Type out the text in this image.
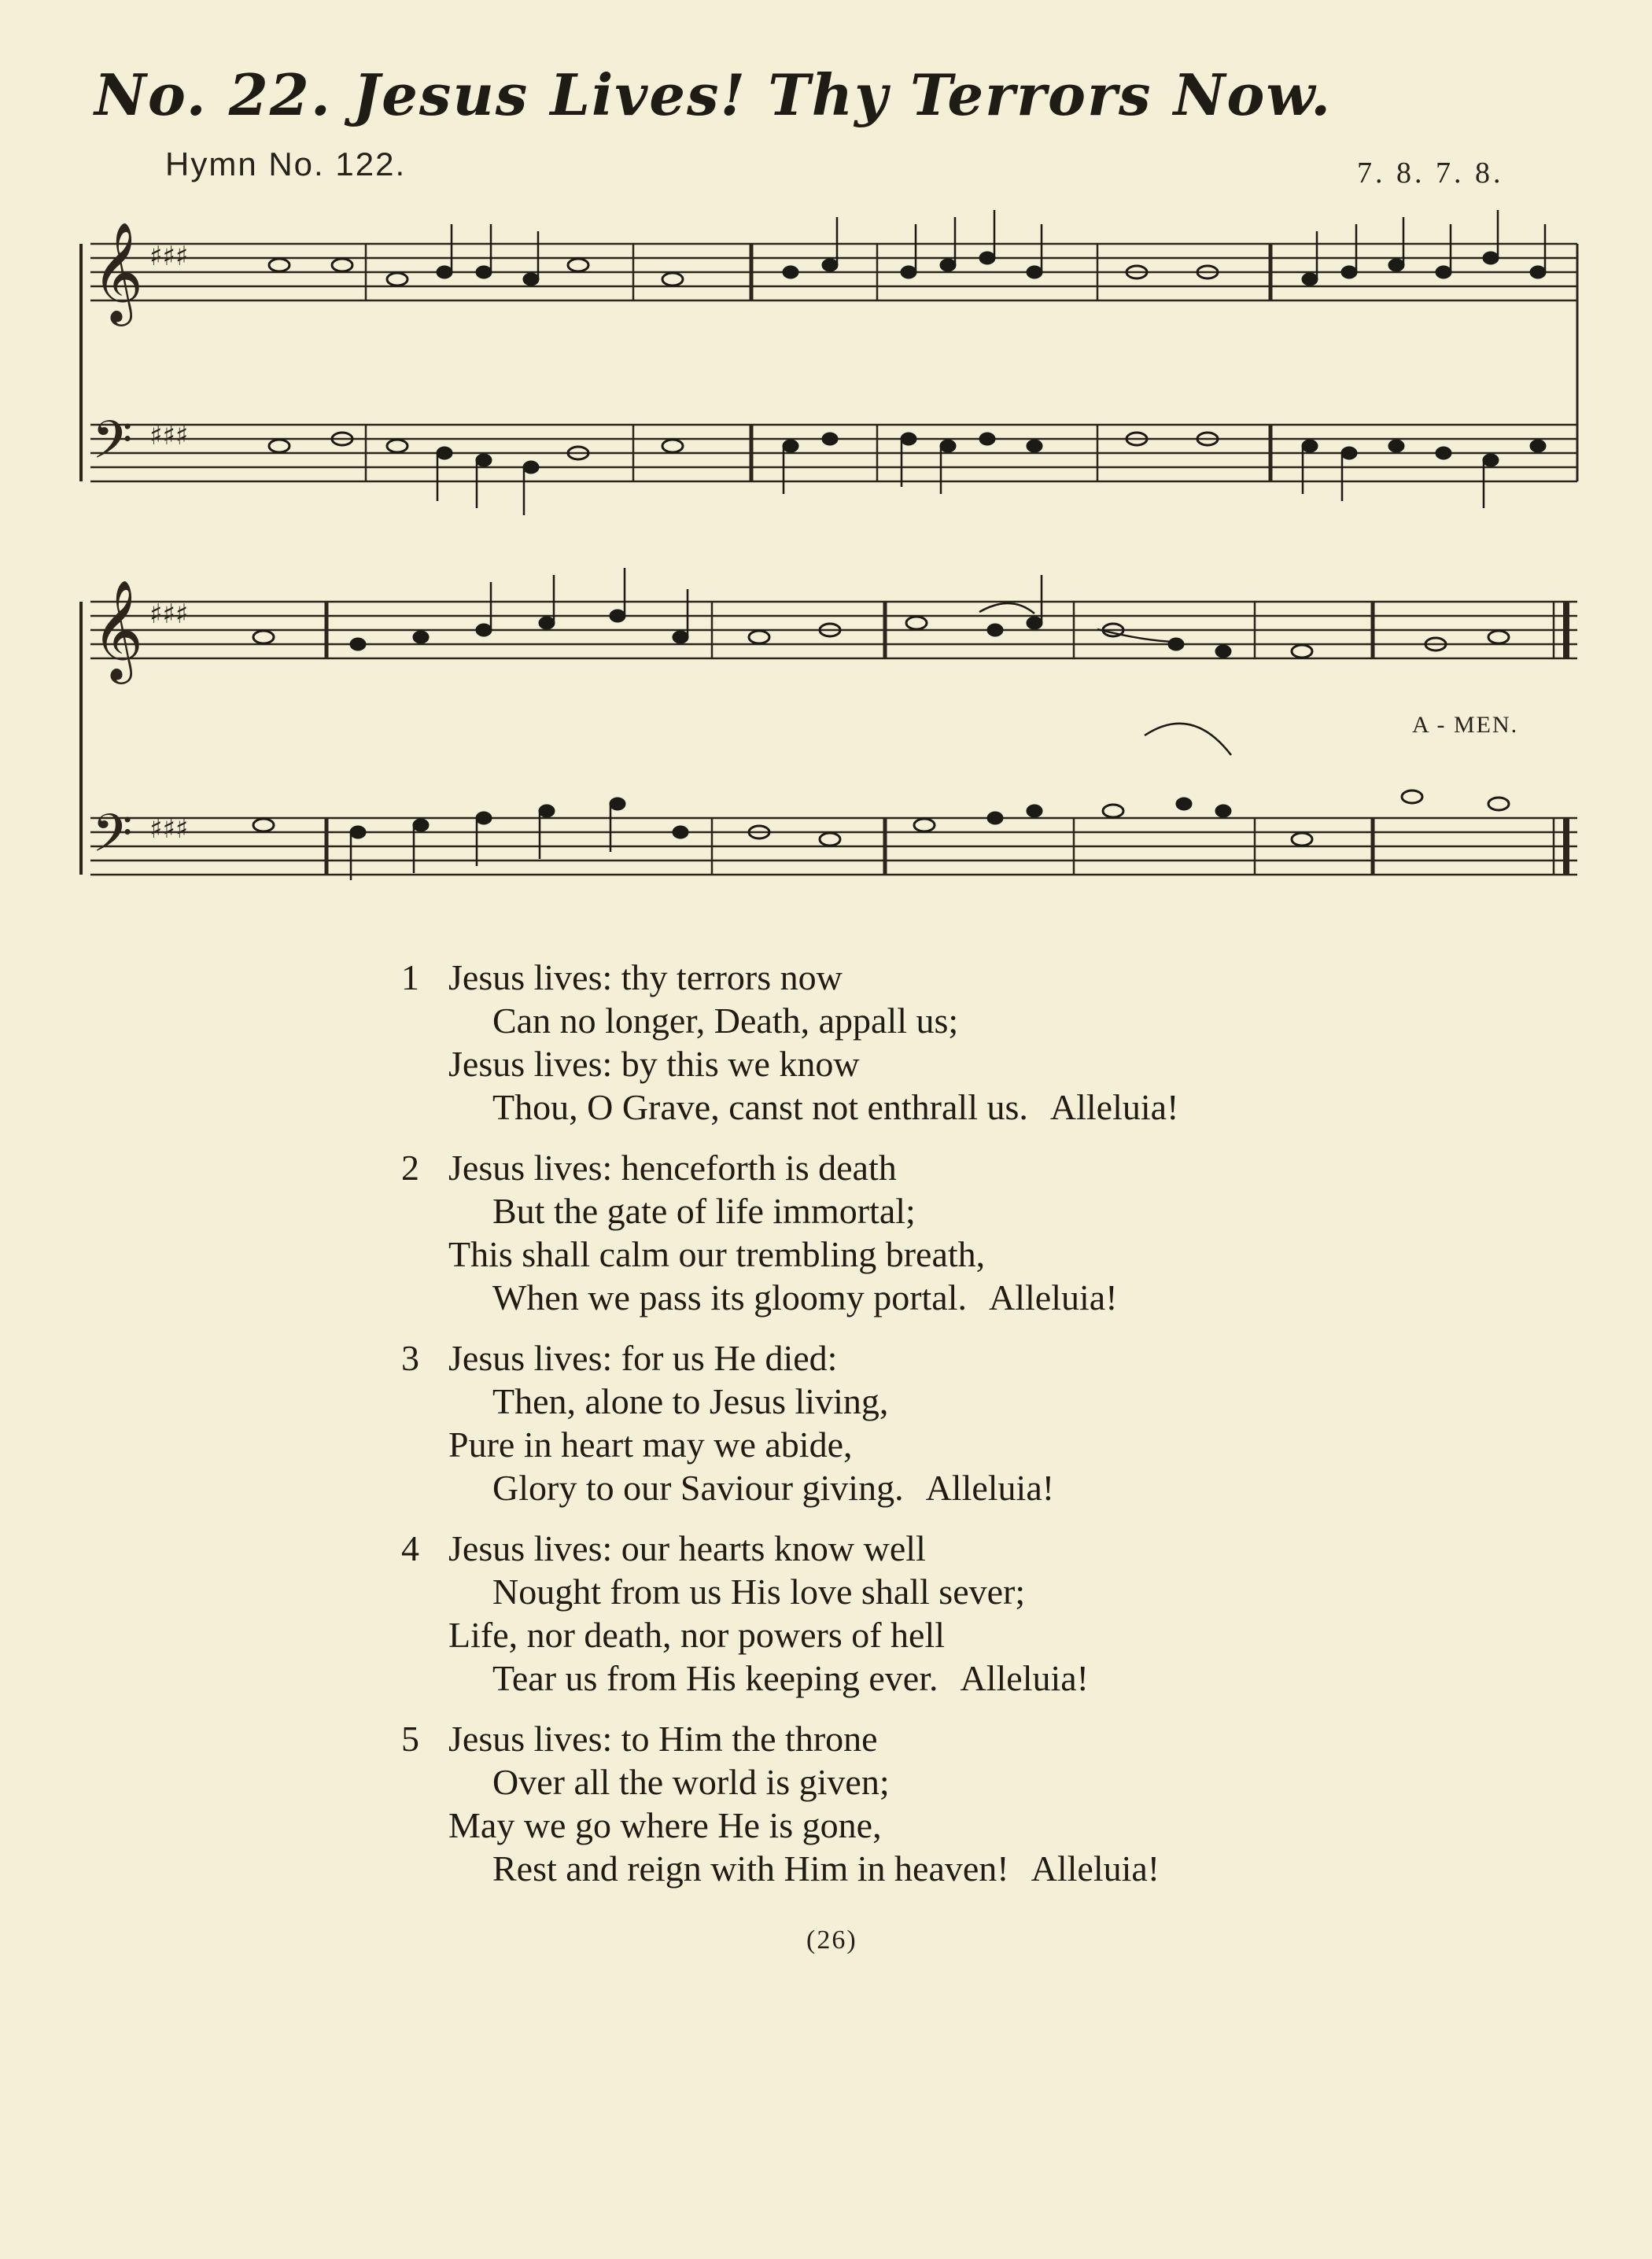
No. 22. Jesus Lives! Thy Terrors Now.
Hymn No. 122.	7. 8. 7. 8.
𝄞
𝄢
♯♯♯
♯♯♯
𝄞
𝄢
♯♯♯
♯♯♯
A - MEN.
1 Jesus lives: thy terrors now
Can no longer, Death, appall us;
Jesus lives: by this we know
Thou, O Grave, canst not enthrall us. Alleluia!
2 Jesus lives: henceforth is death
But the gate of life immortal;
This shall calm our trembling breath,
When we pass its gloomy portal. Alleluia!
3 Jesus lives: for us He died:
Then, alone to Jesus living,
Pure in heart may we abide,
Glory to our Saviour giving. Alleluia!
4 Jesus lives: our hearts know well
Nought from us His love shall sever;
Life, nor death, nor powers of hell
Tear us from His keeping ever. Alleluia!
5 Jesus lives: to Him the throne
Over all the world is given;
May we go where He is gone,
Rest and reign with Him in heaven! Alleluia!
(26)
